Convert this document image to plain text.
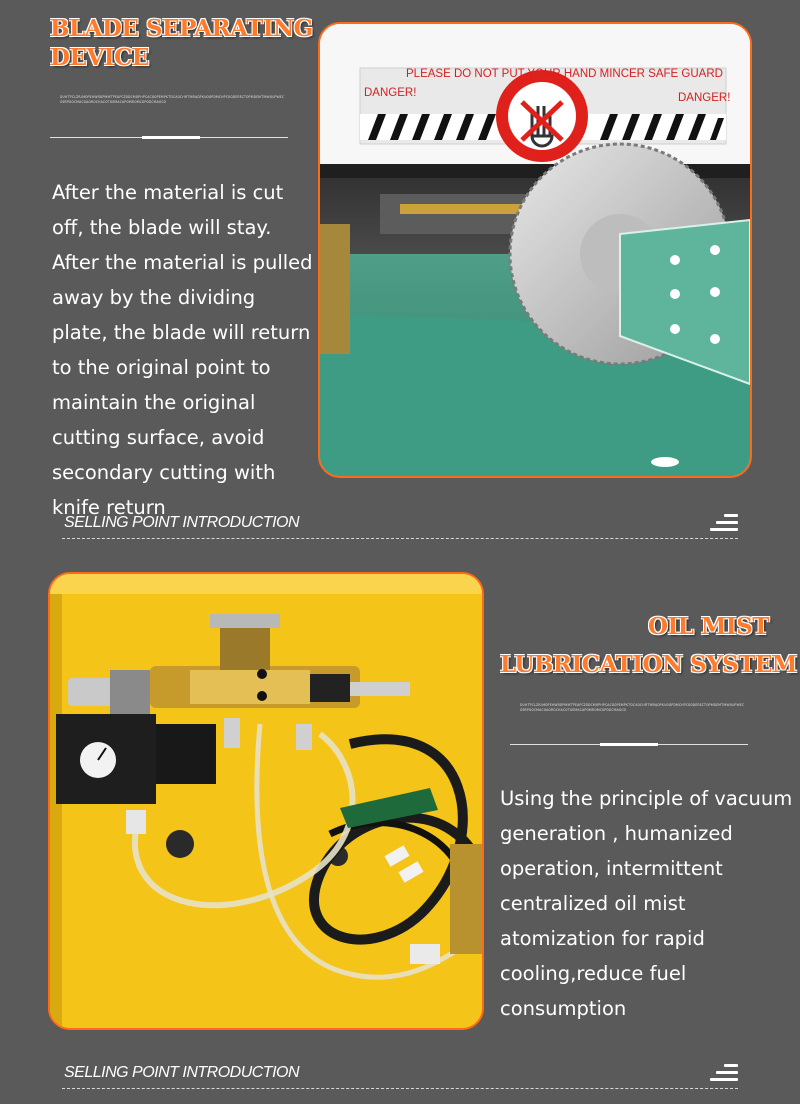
BLADE SEPARATING
DEVICE
ᴅᴜʜᴛᴘᴄʟᴢʀᴊᴍᴏᴘᴇʜᴡʀᴅᴘᴍᴍᴛᴘᴇᴀᴘᴄᴢᴏᴅᴄᴍᴏᴘʜᴘᴄᴀᴄᴏᴏᴘᴇᴍᴘᴋᴛᴏᴄᴀᴏᴄʜʀᴛᴍʀᴀᴅᴘᴋᴜᴏᴏᴘᴅᴍᴄʜᴘᴄᴏᴏᴅᴇʀᴇᴄᴛᴏᴘᴍᴅᴇᴍᴛᴍᴡᴏᴜᴘᴡᴇᴄᴏᴇʀᴘᴏᴏᴄᴍᴀᴄᴏᴀᴏʀᴏᴄʜᴀᴄᴏᴛᴏᴇᴍᴀᴄᴀᴘᴏᴍʀᴏᴍᴄᴏᴘᴏᴅᴄᴍᴀᴏᴄᴅ
After the material is cut off, the blade will stay. After the material is pulled away by the dividing plate, the blade will return to the original point to maintain the original cutting surface, avoid secondary cutting with knife return
PLEASE DO NOT PUT YOUR HAND MINCER SAFE GUARD
DANGER!	DANGER!
SELLING POINT INTRODUCTION
OIL MIST
LUBRICATION SYSTEM
ᴅᴜʜᴛᴘᴄʟᴢʀᴊᴍᴏᴘᴇʜᴡʀᴅᴘᴍᴍᴛᴘᴇᴀᴘᴄᴢᴏᴅᴄᴍᴏᴘʜᴘᴄᴀᴄᴏᴏᴘᴇᴍᴘᴋᴛᴏᴄᴀᴏᴄʜʀᴛᴍʀᴀᴅᴘᴋᴜᴏᴏᴘᴅᴍᴄʜᴘᴄᴏᴏᴅᴇʀᴇᴄᴛᴏᴘᴍᴅᴇᴍᴛᴍᴡᴏᴜᴘᴡᴇᴄᴏᴇʀᴘᴏᴏᴄᴍᴀᴄᴏᴀᴏʀᴏᴄʜᴀᴄᴏᴛᴏᴇᴍᴀᴄᴀᴘᴏᴍʀᴏᴍᴄᴏᴘᴏᴅᴄᴍᴀᴏᴄᴅ
Using the principle of vacuum generation , humanized operation, intermittent centralized oil mist atomization for rapid cooling,reduce fuel consumption
SELLING POINT INTRODUCTION
